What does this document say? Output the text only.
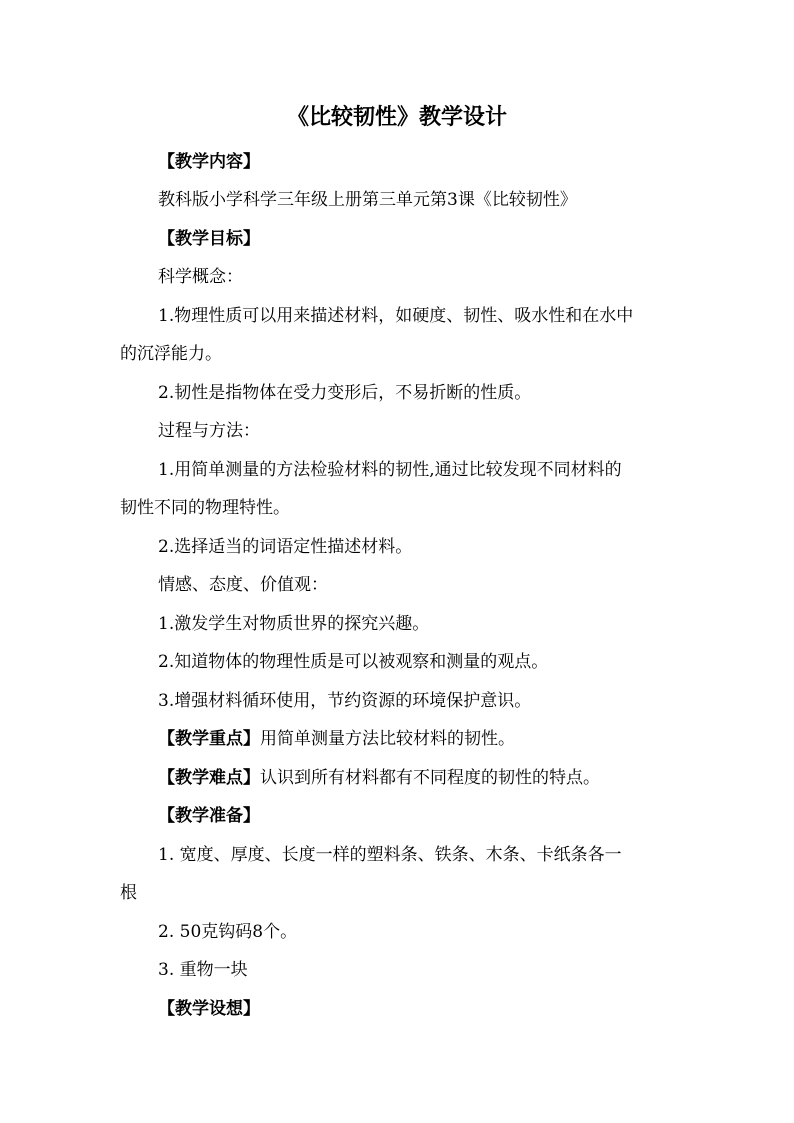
《比较韧性》教学设计
【教学内容】
教科版小学科学三年级上册第三单元第3课《比较韧性》
【教学目标】
科学概念：
1.物理性质可以用来描述材料，如硬度、韧性、吸水性和在水中
的沉浮能力。
2.韧性是指物体在受力变形后，不易折断的性质。
过程与方法：
1.用简单测量的方法检验材料的韧性,通过比较发现不同材料的
韧性不同的物理特性。
2.选择适当的词语定性描述材料。
情感、态度、价值观：
1.激发学生对物质世界的探究兴趣。
2.知道物体的物理性质是可以被观察和测量的观点。
3.增强材料循环使用，节约资源的环境保护意识。
【教学重点】用简单测量方法比较材料的韧性。
【教学难点】认识到所有材料都有不同程度的韧性的特点。
【教学准备】
1. 宽度、厚度、长度一样的塑料条、铁条、木条、卡纸条各一
根
2. 50克钩码8个。
3. 重物一块
【教学设想】
